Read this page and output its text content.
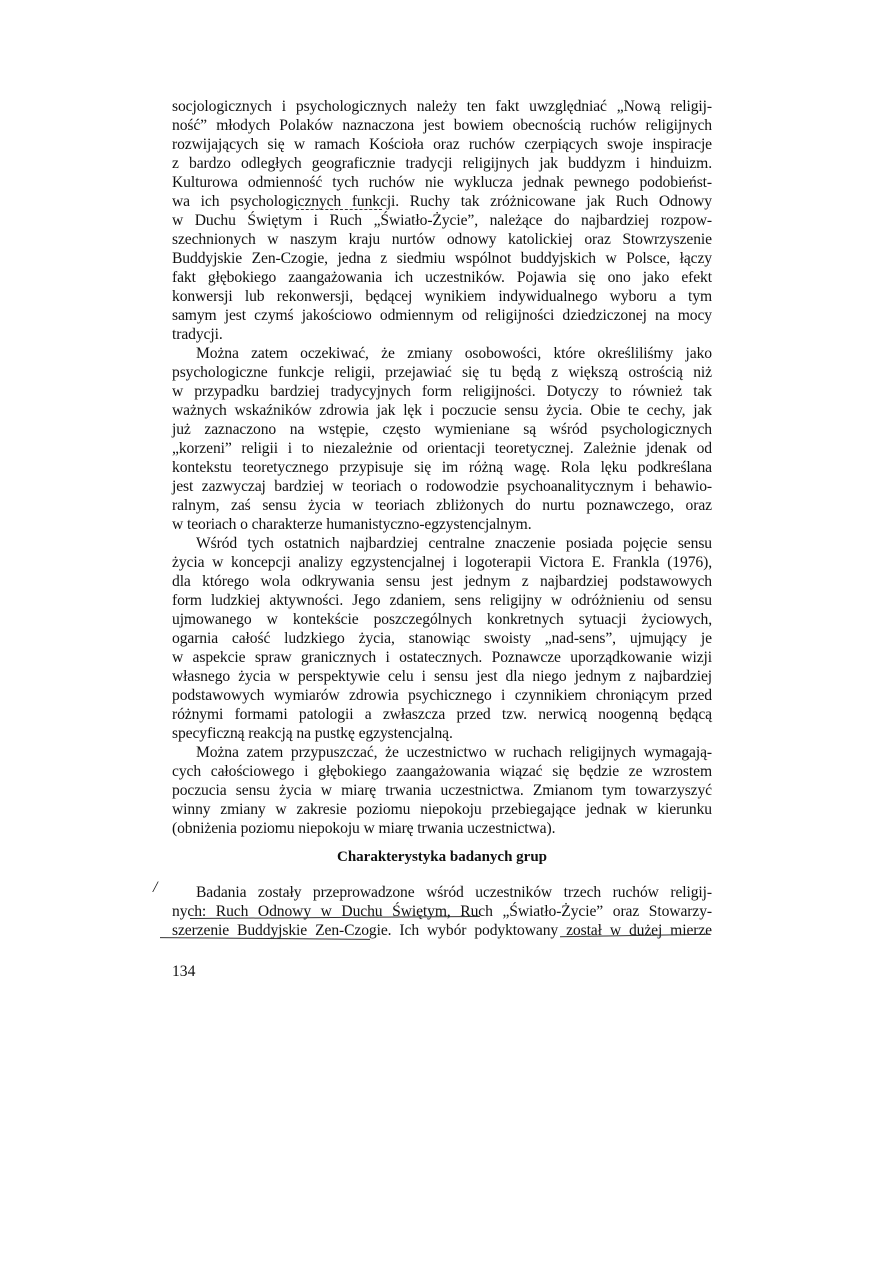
socjologicznych i psychologicznych należy ten fakt uwzględniać „Nową religij-
ność” młodych Polaków naznaczona jest bowiem obecnością ruchów religijnych
rozwijających się w ramach Kościoła oraz ruchów czerpiących swoje inspiracje
z bardzo odległych geograficznie tradycji religijnych jak buddyzm i hinduizm.
Kulturowa odmienność tych ruchów nie wyklucza jednak pewnego podobieńst-
wa ich psychologicznych funkcji. Ruchy tak zróżnicowane jak Ruch Odnowy
w Duchu Świętym i Ruch „Światło-Życie”, należące do najbardziej rozpow-
szechnionych w naszym kraju nurtów odnowy katolickiej oraz Stowrzyszenie
Buddyjskie Zen-Czogie, jedna z siedmiu wspólnot buddyjskich w Polsce, łączy
fakt głębokiego zaangażowania ich uczestników. Pojawia się ono jako efekt
konwersji lub rekonwersji, będącej wynikiem indywidualnego wyboru a tym
samym jest czymś jakościowo odmiennym od religijności dziedziczonej na mocy
tradycji.
Można zatem oczekiwać, że zmiany osobowości, które określiliśmy jako
psychologiczne funkcje religii, przejawiać się tu będą z większą ostrością niż
w przypadku bardziej tradycyjnych form religijności. Dotyczy to również tak
ważnych wskaźników zdrowia jak lęk i poczucie sensu życia. Obie te cechy, jak
już zaznaczono na wstępie, często wymieniane są wśród psychologicznych
„korzeni” religii i to niezależnie od orientacji teoretycznej. Zależnie jdenak od
kontekstu teoretycznego przypisuje się im różną wagę. Rola lęku podkreślana
jest zazwyczaj bardziej w teoriach o rodowodzie psychoanalitycznym i behawio-
ralnym, zaś sensu życia w teoriach zbliżonych do nurtu poznawczego, oraz
w teoriach o charakterze humanistyczno-egzystencjalnym.
Wśród tych ostatnich najbardziej centralne znaczenie posiada pojęcie sensu
życia w koncepcji analizy egzystencjalnej i logoterapii Victora E. Frankla (1976),
dla którego wola odkrywania sensu jest jednym z najbardziej podstawowych
form ludzkiej aktywności. Jego zdaniem, sens religijny w odróżnieniu od sensu
ujmowanego w kontekście poszczególnych konkretnych sytuacji życiowych,
ogarnia całość ludzkiego życia, stanowiąc swoisty „nad-sens”, ujmujący je
w aspekcie spraw granicznych i ostatecznych. Poznawcze uporządkowanie wizji
własnego życia w perspektywie celu i sensu jest dla niego jednym z najbardziej
podstawowych wymiarów zdrowia psychicznego i czynnikiem chroniącym przed
różnymi formami patologii a zwłaszcza przed tzw. nerwicą noogenną będącą
specyficzną reakcją na pustkę egzystencjalną.
Można zatem przypuszczać, że uczestnictwo w ruchach religijnych wymagają-
cych całościowego i głębokiego zaangażowania wiązać się będzie ze wzrostem
poczucia sensu życia w miarę trwania uczestnictwa. Zmianom tym towarzyszyć
winny zmiany w zakresie poziomu niepokoju przebiegające jednak w kierunku
(obniżenia poziomu niepokoju w miarę trwania uczestnictwa).
Charakterystyka badanych grup
/ Badania zostały przeprowadzone wśród uczestników trzech ruchów religij-
nych: Ruch Odnowy w Duchu Świętym, Ruch „Światło-Życie” oraz Stowarzy-
szerzenie Buddyjskie Zen-Czogie. Ich wybór podyktowany został w dużej mierze
134
